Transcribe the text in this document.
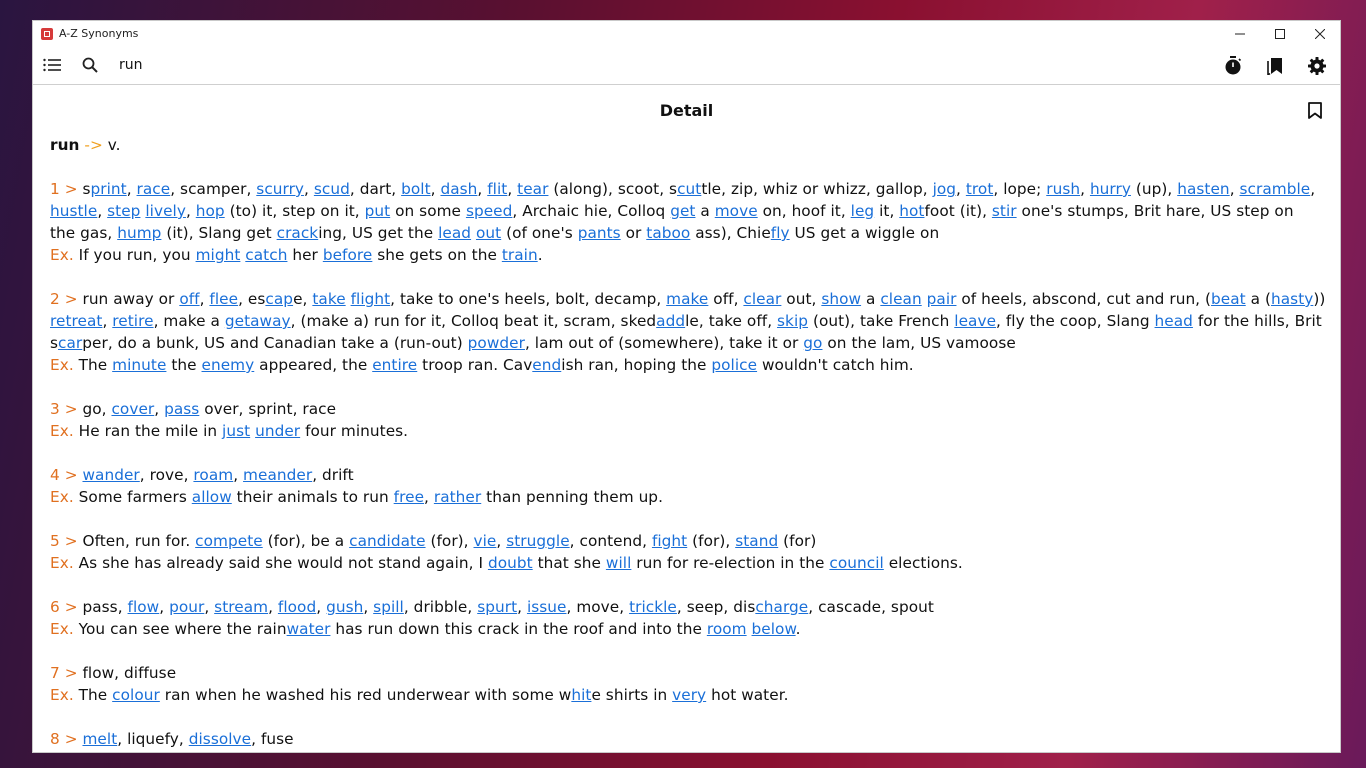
A-Z Synonyms
run
Detail
run -> v.
1 > sprint, race, scamper, scurry, scud, dart, bolt, dash, flit, tear (along), scoot, scuttle, zip, whiz or whizz, gallop, jog, trot, lope; rush, hurry (up), hasten, scramble,
hustle, step lively, hop (to) it, step on it, put on some speed, Archaic hie, Colloq get a move on, hoof it, leg it, hotfoot (it), stir one's stumps, Brit hare, US step on
the gas, hump (it), Slang get cracking, US get the lead out (of one's pants or taboo ass), Chiefly US get a wiggle on
Ex. If you run, you might catch her before she gets on the train.
2 > run away or off, flee, escape, take flight, take to one's heels, bolt, decamp, make off, clear out, show a clean pair of heels, abscond, cut and run, (beat a (hasty))
retreat, retire, make a getaway, (make a) run for it, Colloq beat it, scram, skedaddle, take off, skip (out), take French leave, fly the coop, Slang head for the hills, Brit
scarper, do a bunk, US and Canadian take a (run-out) powder, lam out of (somewhere), take it or go on the lam, US vamoose
Ex. The minute the enemy appeared, the entire troop ran. Cavendish ran, hoping the police wouldn't catch him.
3 > go, cover, pass over, sprint, race
Ex. He ran the mile in just under four minutes.
4 > wander, rove, roam, meander, drift
Ex. Some farmers allow their animals to run free, rather than penning them up.
5 > Often, run for. compete (for), be a candidate (for), vie, struggle, contend, fight (for), stand (for)
Ex. As she has already said she would not stand again, I doubt that she will run for re-election in the council elections.
6 > pass, flow, pour, stream, flood, gush, spill, dribble, spurt, issue, move, trickle, seep, discharge, cascade, spout
Ex. You can see where the rainwater has run down this crack in the roof and into the room below.
7 > flow, diffuse
Ex. The colour ran when he washed his red underwear with some white shirts in very hot water.
8 > melt, liquefy, dissolve, fuse
